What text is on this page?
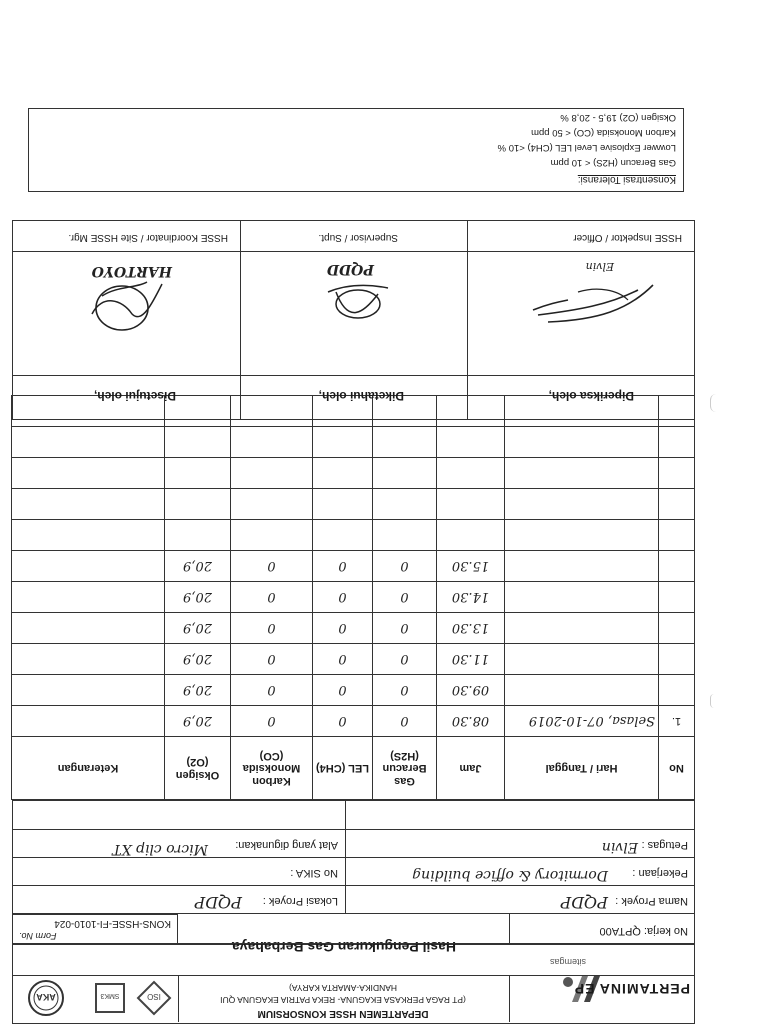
PERTAMINA EP
sitemgas
DEPARTEMEN HSSE KONSORSIUM
(PT RAGA PERKASA EKAGUNA- REKA PATRIA EKAGUNA QUI
HANDIKA-AMARTA KARYA)
ISO
SMK3
AKA
Hasil Pengukuran Gas Berbahaya
Form No.
KONS-HSSE-FI-1010-024
No kerja: QPTA00
Nama Proyek :
PQDP
Lokasi Proyek :
PQDP
Pekerjaan :
Dormitory & office building
No SIKA :
Petugas :
Elvin
Alat yang digunakan:
Micro clip XT
No	Hari / Tanggal	Jam	Gas Beracun (H2S)	LEL (CH4)	Karbon Monoksida (CO)	Oksigen (O2)	Keterangan
1.	Selasa, 07-10-2019	08.30	0	0	0	20,9	
		09.30	0	0	0	20,9	
		11.30	0	0	0	20,9	
		13.30	0	0	0	20,9	
		14.30	0	0	0	20,9	
		15.30	0	0	0	20,9	

Diperiksa oleh,
Diketahui oleh,
Disetujui oleh,
Elvin
PQDD
HARTOYO
HSSE Inspektor / Officer
Supervisor / Supt.
HSSE Koordinator / Site HSSE Mgr.
Konsentrasi Toleransi:
Gas Beracun (H2S) < 10 ppm
Lowwer Explosive Level LEL (CH4) <10 %
Karbon Monoksida (CO) < 50 ppm
Oksigen (O2) 19,5 - 20,8 %
